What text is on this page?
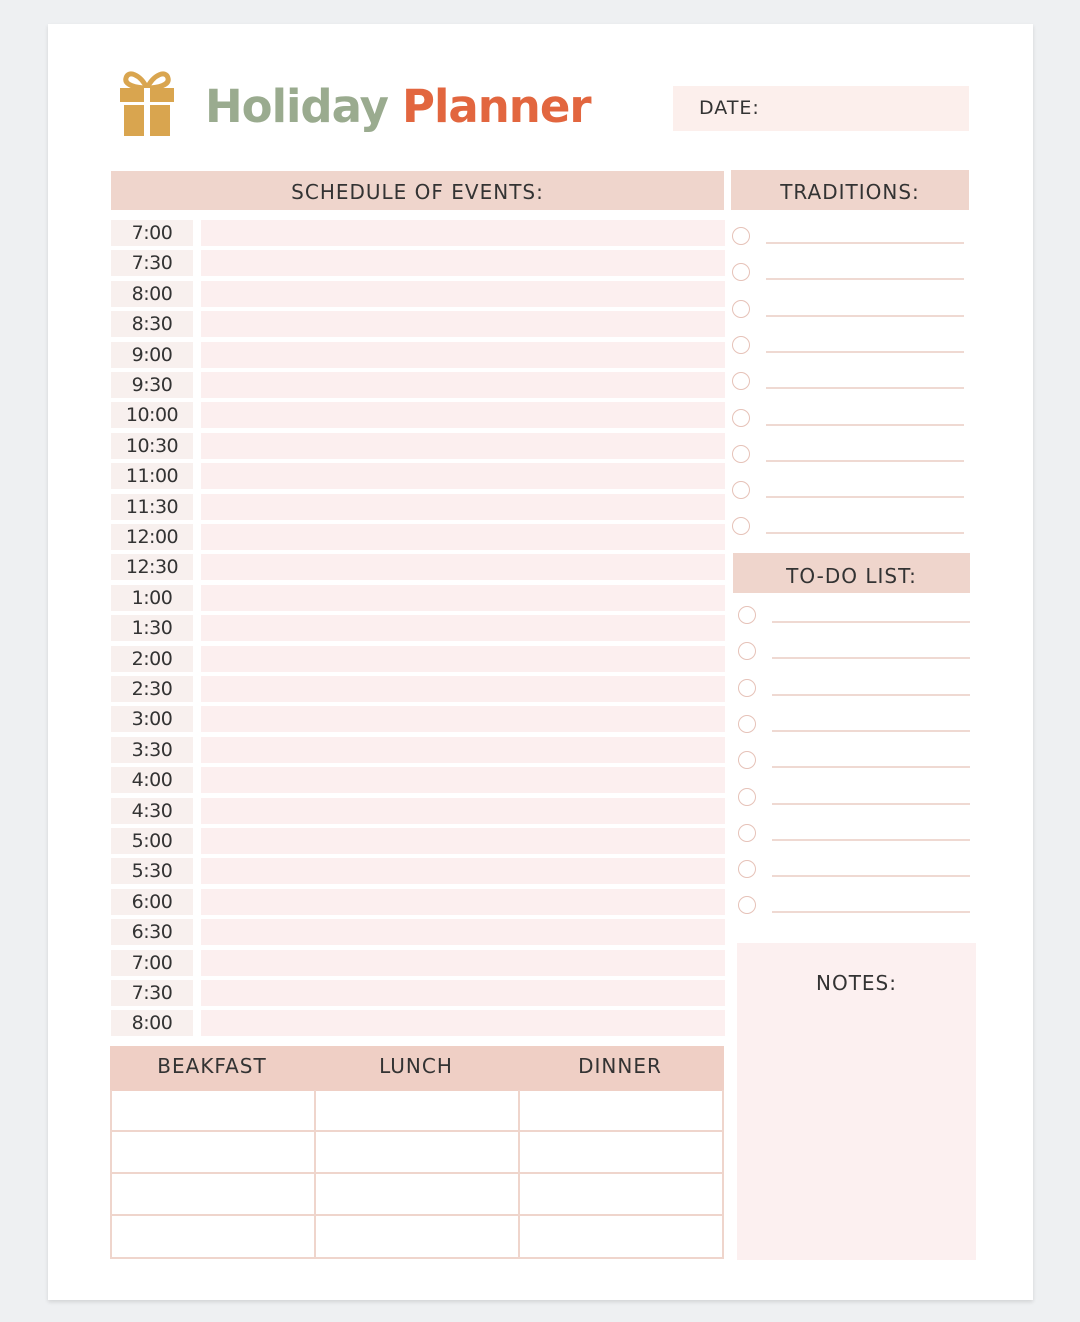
Holiday Planner	DATE:
SCHEDULE OF EVENTS:	TRADITIONS:
TO-DO LIST:
7:00
7:30
8:00
8:30
9:00
9:30
10:00
10:30
11:00
11:30
12:00
12:30
1:00
1:30
2:00
2:30
3:00
3:30
4:00
4:30
5:00
5:30
6:00
6:30
7:00
7:30
8:00
NOTES:
BEAKFAST	LUNCH	DINNER
